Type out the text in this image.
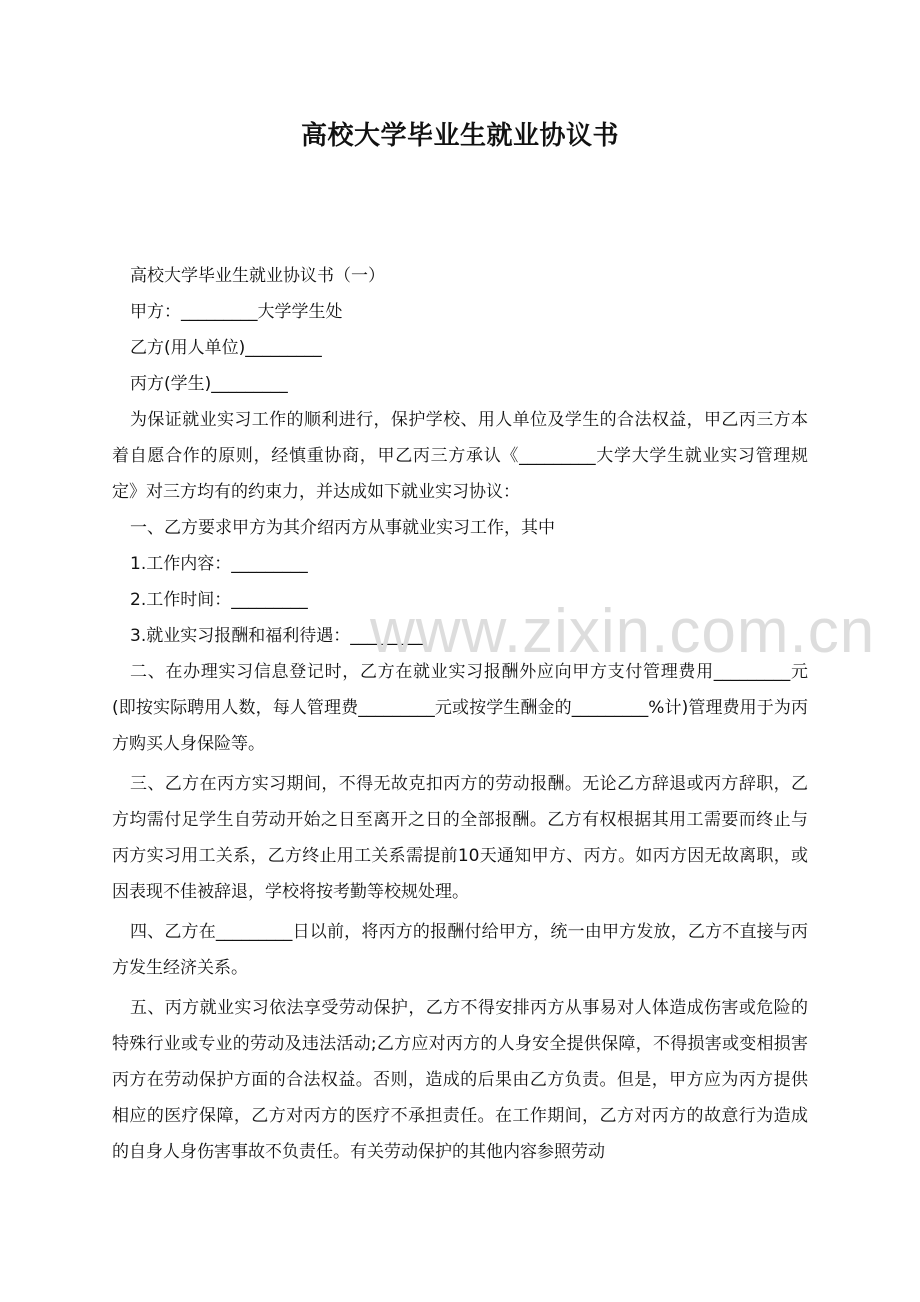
高校大学毕业生就业协议书

高校大学毕业生就业协议书（一）

甲方：_________大学学生处

乙方(用人单位)_________

丙方(学生)_________

为保证就业实习工作的顺利进行，保护学校、用人单位及学生的合法权益，甲乙丙三方本着自愿合作的原则，经慎重协商，甲乙丙三方承认《_________大学大学生就业实习管理规定》对三方均有的约束力，并达成如下就业实习协议：

一、乙方要求甲方为其介绍丙方从事就业实习工作，其中

1.工作内容：_________

2.工作时间：_________

3.就业实习报酬和福利待遇：_________

二、在办理实习信息登记时，乙方在就业实习报酬外应向甲方支付管理费用_________元(即按实际聘用人数，每人管理费_________元或按学生酬金的_________%计)管理费用于为丙方购买人身保险等。

三、乙方在丙方实习期间，不得无故克扣丙方的劳动报酬。无论乙方辞退或丙方辞职，乙方均需付足学生自劳动开始之日至离开之日的全部报酬。乙方有权根据其用工需要而终止与丙方实习用工关系，乙方终止用工关系需提前10天通知甲方、丙方。如丙方因无故离职，或因表现不佳被辞退，学校将按考勤等校规处理。

四、乙方在_________日以前，将丙方的报酬付给甲方，统一由甲方发放，乙方不直接与丙方发生经济关系。

五、丙方就业实习依法享受劳动保护，乙方不得安排丙方从事易对人体造成伤害或危险的特殊行业或专业的劳动及违法活动;乙方应对丙方的人身安全提供保障，不得损害或变相损害丙方在劳动保护方面的合法权益。否则，造成的后果由乙方负责。但是，甲方应为丙方提供相应的医疗保障，乙方对丙方的医疗不承担责任。在工作期间，乙方对丙方的故意行为造成的自身人身伤害事故不负责任。有关劳动保护的其他内容参照劳动

www.zixin.com.cn
